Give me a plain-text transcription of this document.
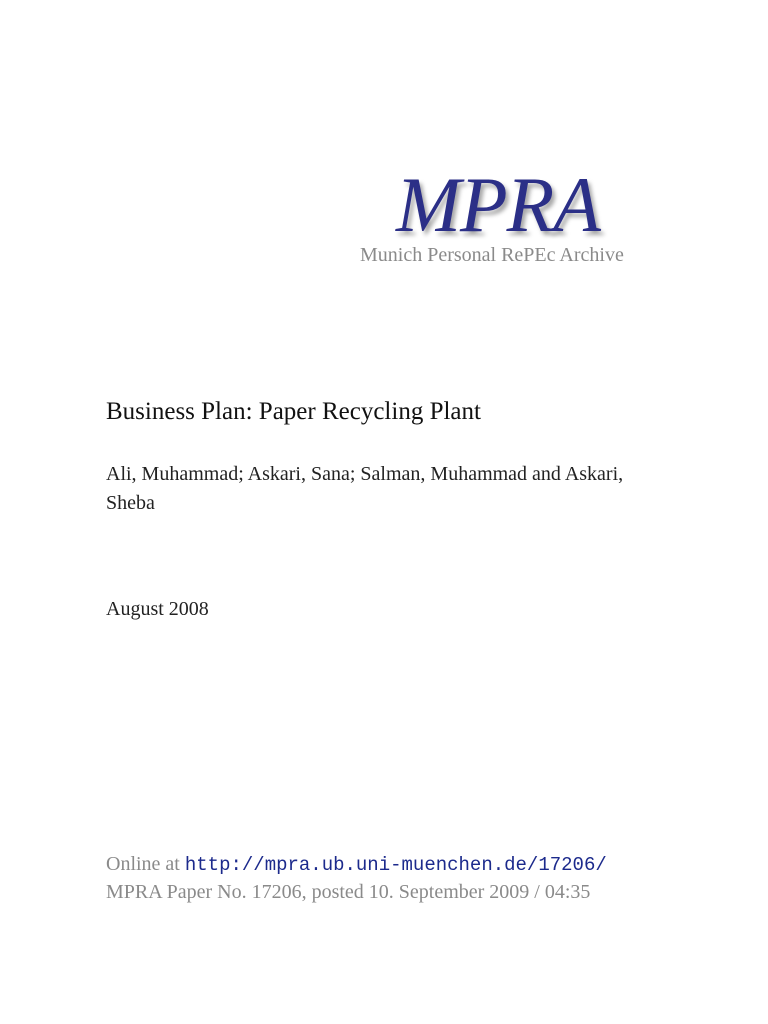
MPRA
Munich Personal RePEc Archive
Business Plan: Paper Recycling Plant
Ali, Muhammad; Askari, Sana; Salman, Muhammad and Askari, Sheba
August 2008
Online at http://mpra.ub.uni-muenchen.de/17206/
MPRA Paper No. 17206, posted 10. September 2009 / 04:35
